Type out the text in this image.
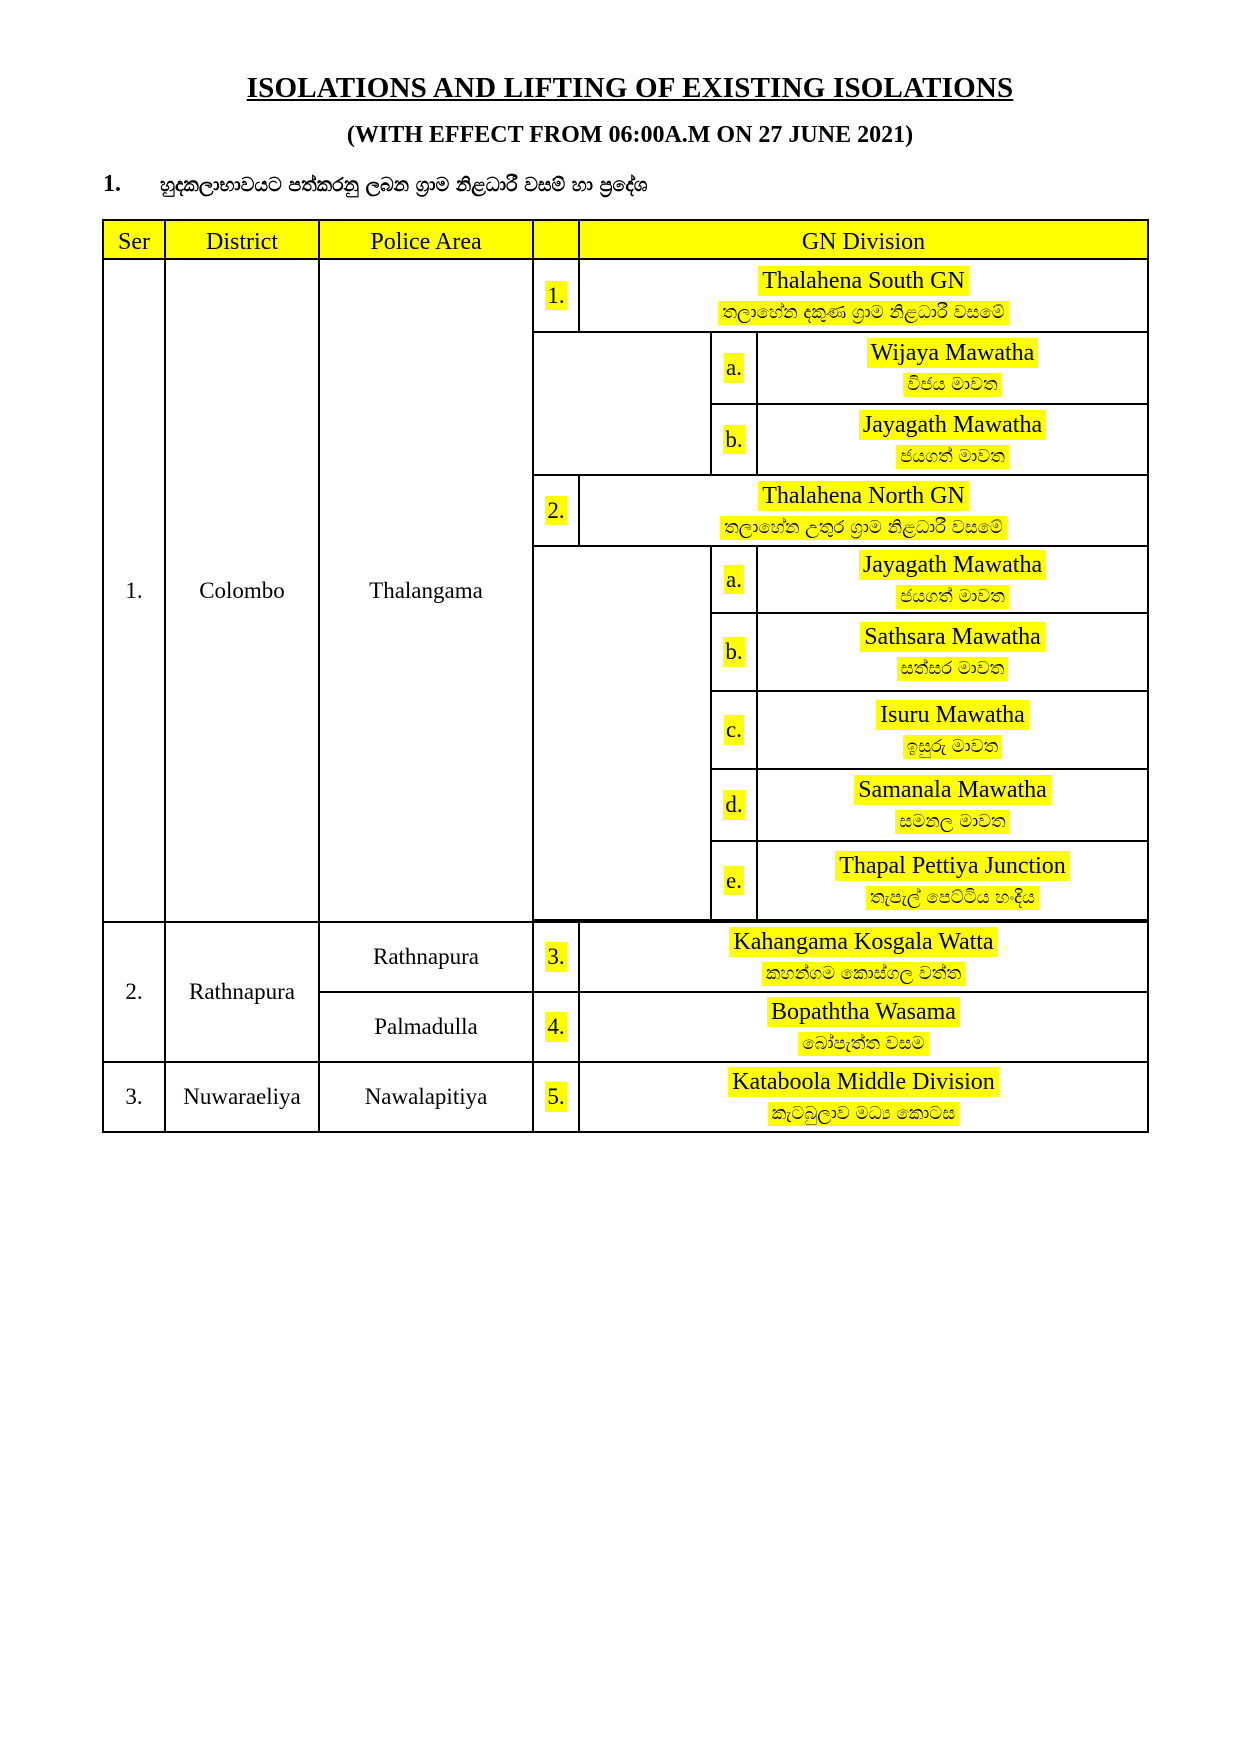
ISOLATIONS AND LIFTING OF EXISTING ISOLATIONS
(WITH EFFECT FROM 06:00A.M ON 27 JUNE 2021)
1. හුදකලාභාවයට පත්කරනු ලබන ග්‍රාම නිළධාරී වසම් හා ප්‍රදේශ
Ser	District	Police Area		GN Division		
1.	Colombo	Thalangama	1.	Thalahena South GN
තලාහේන දකුණ ග්‍රාම නිළධාරී වසමේ		

					a.	Wijaya Mawatha
විජය මාවත

					b.	Jayagath Mawatha
ජයගත් මාවත

			2.	Thalahena North GN
තලාහේන උතුර ග්‍රාම නිළධාරී වසමේ		

					a.	Jayagath Mawatha
ජයගත් මාවත

					b.	Sathsara Mawatha
සත්සර මාවත

					c.	Isuru Mawatha
ඉසුරු මාවත

					d.	Samanala Mawatha
සමනල මාවත

					e.	Thapal Pettiya Junction
තැපැල් පෙට්ටිය හංදිය

2.	Rathnapura	Rathnapura	3.	Kahangama Kosgala Watta
කහන්ගම කොස්ගල වත්ත		

		Palmadulla	4.	Bopaththa Wasama
බෝපැත්ත වසම		

3.	Nuwaraeliya	Nawalapitiya	5.	Kataboola Middle Division
කැටබුලාව මධ්‍ය කොටස		
